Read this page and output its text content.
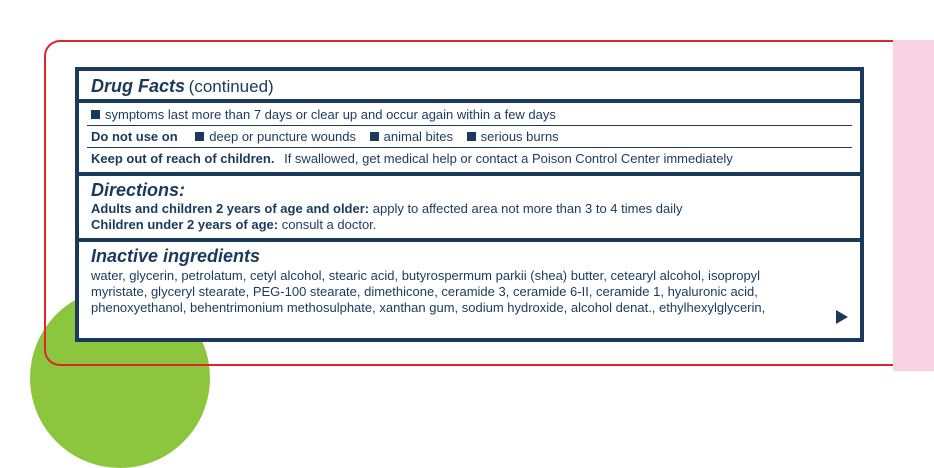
Drug Facts (continued)
symptoms last more than 7 days or clear up and occur again within a few days
Do not use on deep or puncture wounds animal bites serious burns
Keep out of reach of children. If swallowed, get medical help or contact a Poison Control Center immediately
Directions:
Adults and children 2 years of age and older: apply to affected area not more than 3 to 4 times daily
Children under 2 years of age: consult a doctor.
Inactive ingredients
water, glycerin, petrolatum, cetyl alcohol, stearic acid, butyrospermum parkii (shea) butter, cetearyl alcohol, isopropyl
myristate, glyceryl stearate, PEG-100 stearate, dimethicone, ceramide 3, ceramide 6-II, ceramide 1, hyaluronic acid,
phenoxyethanol, behentrimonium methosulphate, xanthan gum, sodium hydroxide, alcohol denat., ethylhexylglycerin,
